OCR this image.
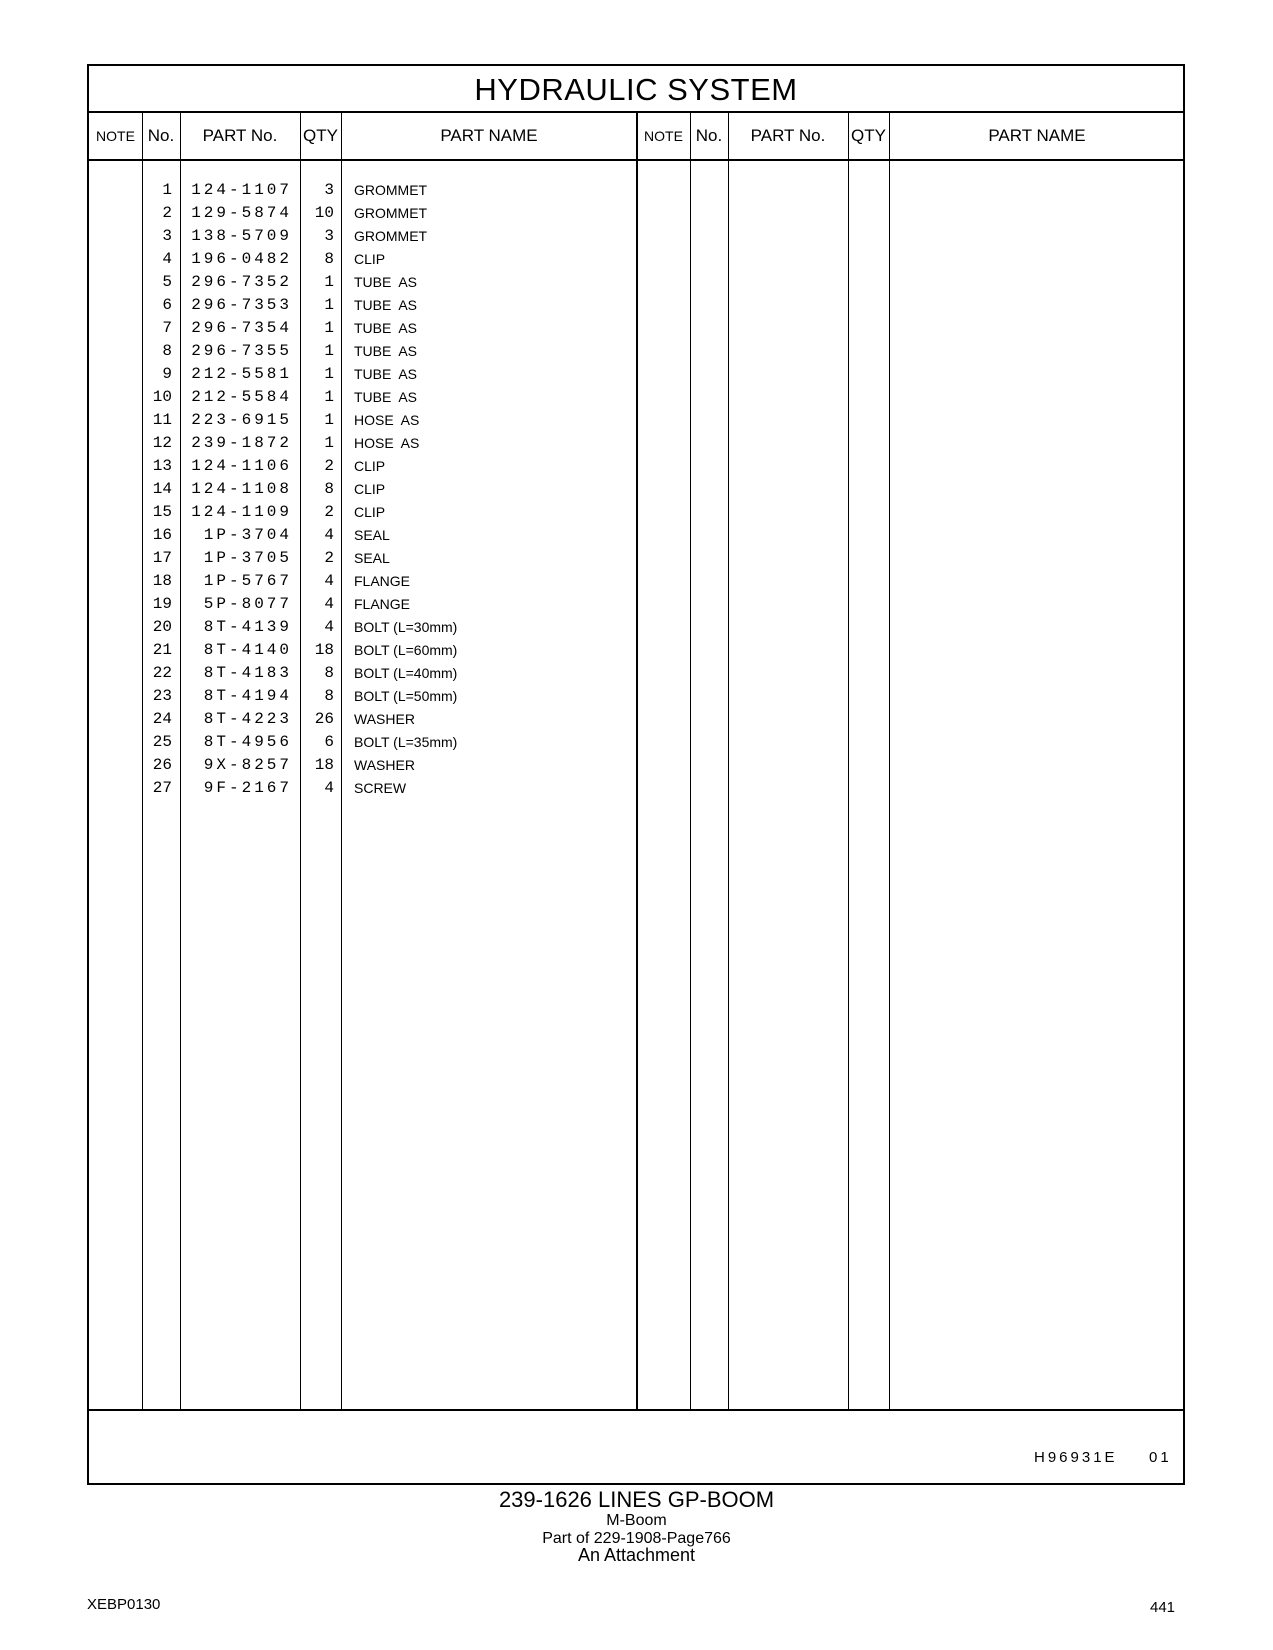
HYDRAULIC SYSTEM
NOTE No.	PART No.	QTY	PART NAME	NOTE No.	PART No.	QTY	PART NAME
1	124-1107	3 GROMMET
2	129-5874	10 GROMMET
3	138-5709	3 GROMMET
4	196-0482	8 CLIP
5	296-7352	1 TUBE  AS
6	296-7353	1 TUBE  AS
7	296-7354	1 TUBE  AS
8	296-7355	1 TUBE  AS
9	212-5581	1 TUBE  AS
10	212-5584	1 TUBE  AS
11	223-6915	1 HOSE  AS
12	239-1872	1 HOSE  AS
13	124-1106	2 CLIP
14	124-1108	8 CLIP
15	124-1109	2 CLIP
16	1P-3704	4 SEAL
17	1P-3705	2 SEAL
18	1P-5767	4 FLANGE
19	5P-8077	4 FLANGE
20	8T-4139	4 BOLT (L=30mm)
21	8T-4140	18 BOLT (L=60mm)
22	8T-4183	8 BOLT (L=40mm)
23	8T-4194	8 BOLT (L=50mm)
24	8T-4223	26 WASHER
25	8T-4956	6 BOLT (L=35mm)
26	9X-8257	18 WASHER
27	9F-2167	4 SCREW
H96931E 01
239-1626 LINES GP-BOOM
M-Boom
Part of 229-1908-Page766
An Attachment
XEBP0130	441
